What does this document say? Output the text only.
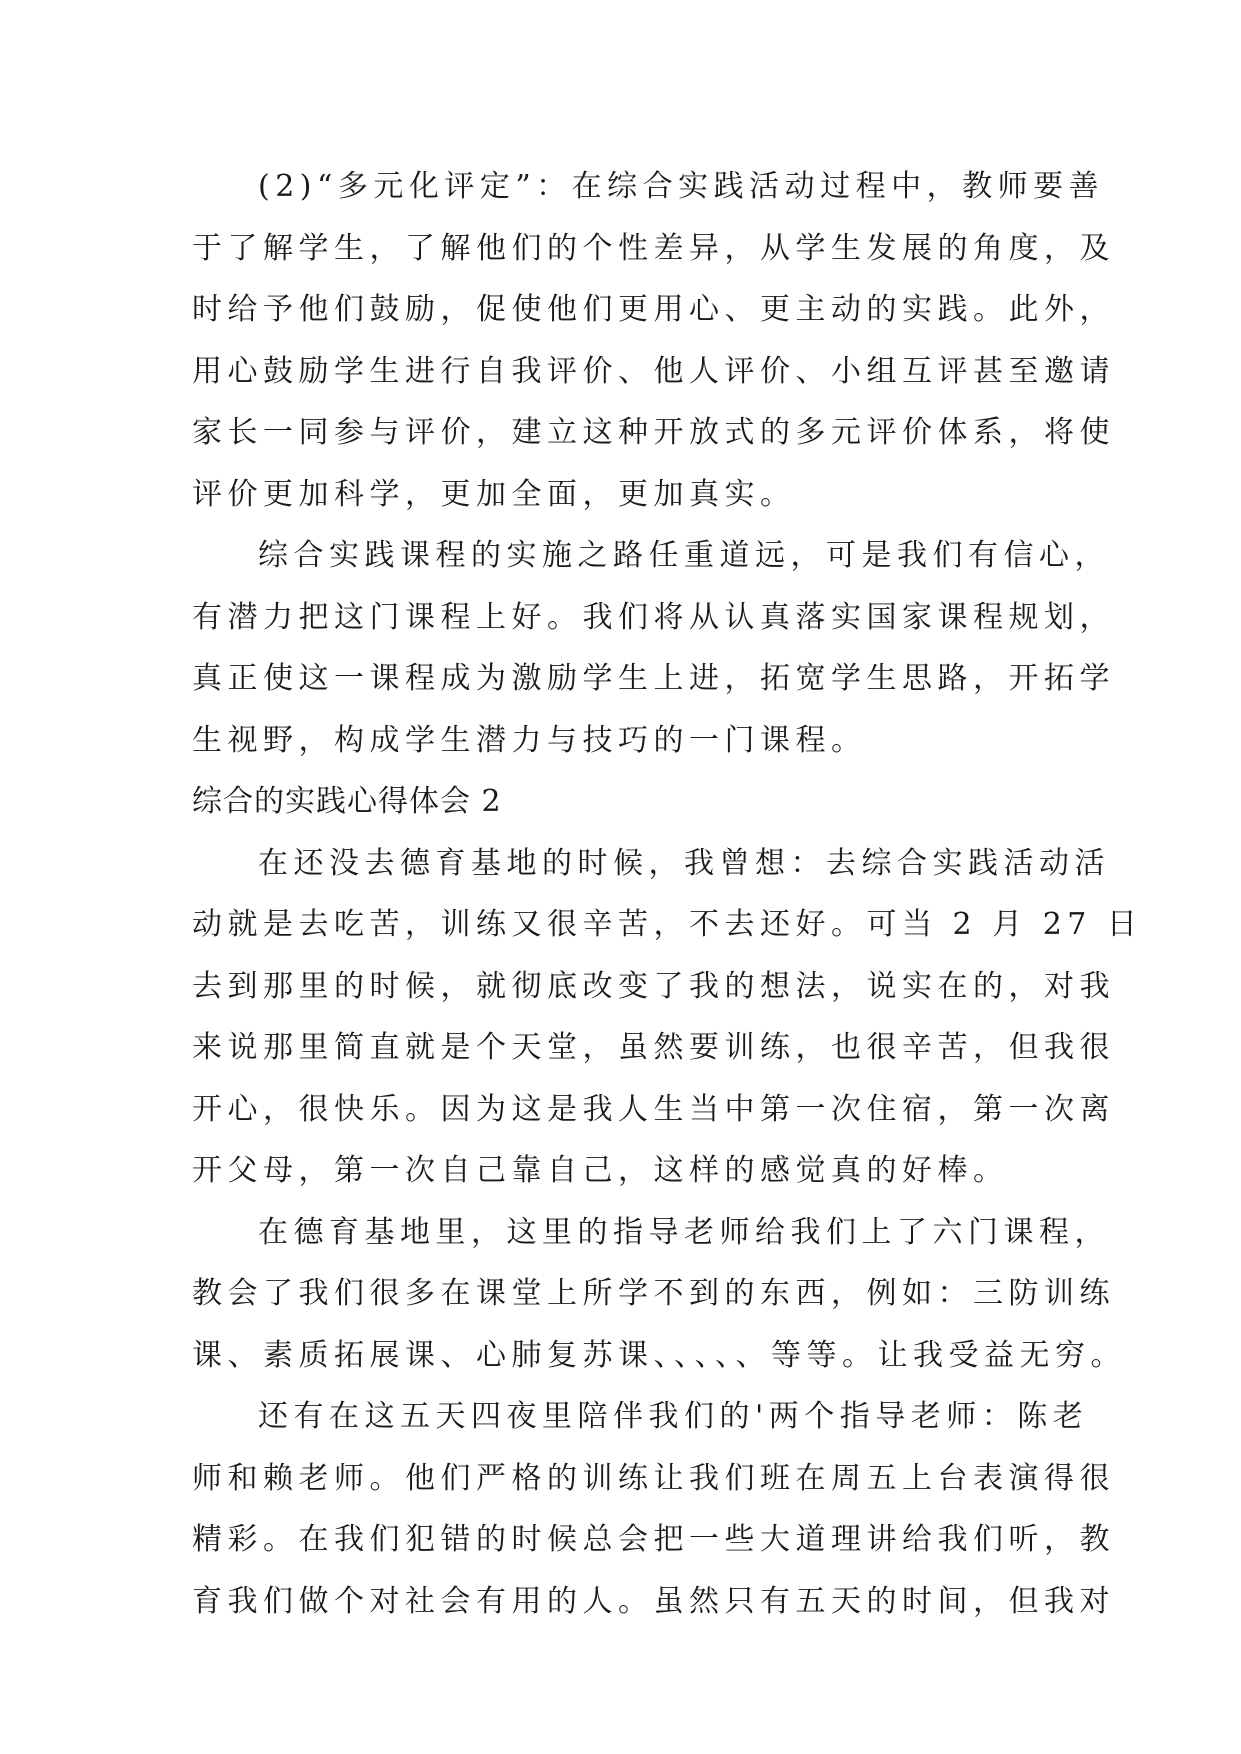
(2)“多元化评定”：在综合实践活动过程中，教师要善
于了解学生，了解他们的个性差异，从学生发展的角度，及
时给予他们鼓励，促使他们更用心、更主动的实践。此外，
用心鼓励学生进行自我评价、他人评价、小组互评甚至邀请
家长一同参与评价，建立这种开放式的多元评价体系，将使
评价更加科学，更加全面，更加真实。
综合实践课程的实施之路任重道远，可是我们有信心，
有潜力把这门课程上好。我们将从认真落实国家课程规划，
真正使这一课程成为激励学生上进，拓宽学生思路，开拓学
生视野，构成学生潜力与技巧的一门课程。
综合的实践心得体会 2
在还没去德育基地的时候，我曾想：去综合实践活动活
动就是去吃苦，训练又很辛苦，不去还好。可当 2 月 27 日
去到那里的时候，就彻底改变了我的想法，说实在的，对我
来说那里简直就是个天堂，虽然要训练，也很辛苦，但我很
开心，很快乐。因为这是我人生当中第一次住宿，第一次离
开父母，第一次自己靠自己，这样的感觉真的好棒。
在德育基地里，这里的指导老师给我们上了六门课程，
教会了我们很多在课堂上所学不到的东西，例如：三防训练
课、素质拓展课、心肺复苏课、、、、、等等。让我受益无穷。
还有在这五天四夜里陪伴我们的'两个指导老师：陈老
师和赖老师。他们严格的训练让我们班在周五上台表演得很
精彩。在我们犯错的时候总会把一些大道理讲给我们听，教
育我们做个对社会有用的人。虽然只有五天的时间，但我对
